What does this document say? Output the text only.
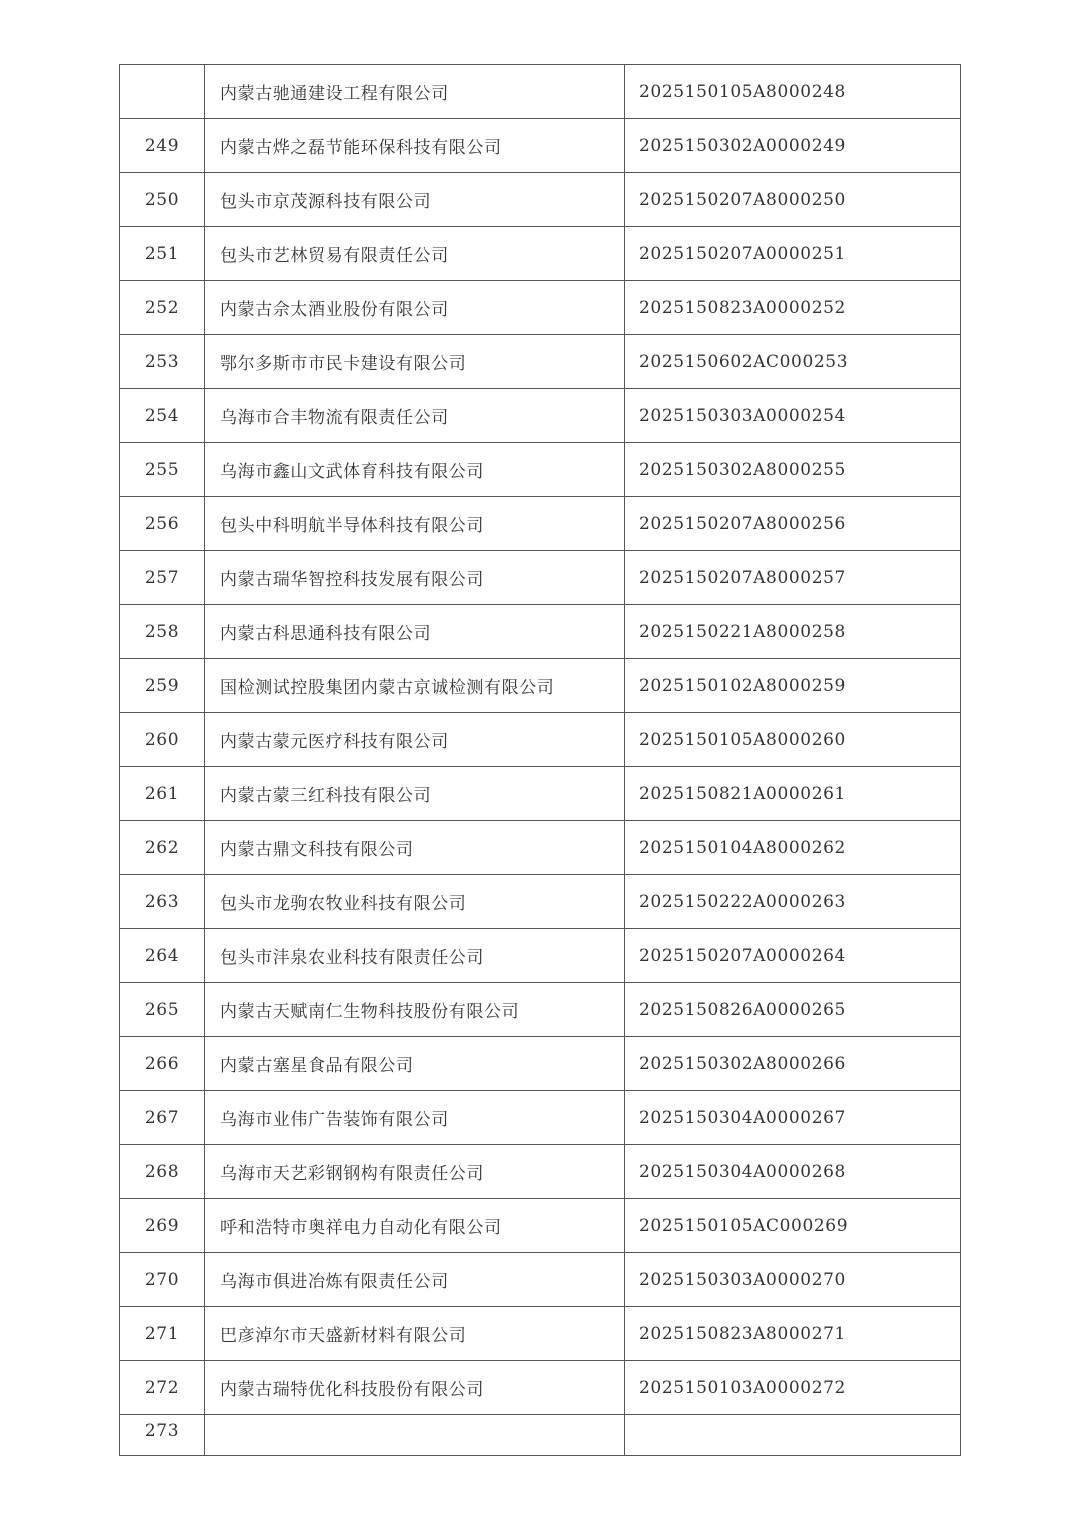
	内蒙古驰通建设工程有限公司	2025150105A8000248
249	内蒙古烨之磊节能环保科技有限公司	2025150302A0000249
250	包头市京茂源科技有限公司	2025150207A8000250
251	包头市艺林贸易有限责任公司	2025150207A0000251
252	内蒙古佘太酒业股份有限公司	2025150823A0000252
253	鄂尔多斯市市民卡建设有限公司	2025150602AC000253
254	乌海市合丰物流有限责任公司	2025150303A0000254
255	乌海市鑫山文武体育科技有限公司	2025150302A8000255
256	包头中科明航半导体科技有限公司	2025150207A8000256
257	内蒙古瑞华智控科技发展有限公司	2025150207A8000257
258	内蒙古科思通科技有限公司	2025150221A8000258
259	国检测试控股集团内蒙古京诚检测有限公司	2025150102A8000259
260	内蒙古蒙元医疗科技有限公司	2025150105A8000260
261	内蒙古蒙三红科技有限公司	2025150821A0000261
262	内蒙古鼎文科技有限公司	2025150104A8000262
263	包头市龙驹农牧业科技有限公司	2025150222A0000263
264	包头市沣泉农业科技有限责任公司	2025150207A0000264
265	内蒙古天赋南仁生物科技股份有限公司	2025150826A0000265
266	内蒙古塞星食品有限公司	2025150302A8000266
267	乌海市业伟广告装饰有限公司	2025150304A0000267
268	乌海市天艺彩钢钢构有限责任公司	2025150304A0000268
269	呼和浩特市奥祥电力自动化有限公司	2025150105AC000269
270	乌海市俱进冶炼有限责任公司	2025150303A0000270
271	巴彦淖尔市天盛新材料有限公司	2025150823A8000271
272	内蒙古瑞特优化科技股份有限公司	2025150103A0000272
273		
